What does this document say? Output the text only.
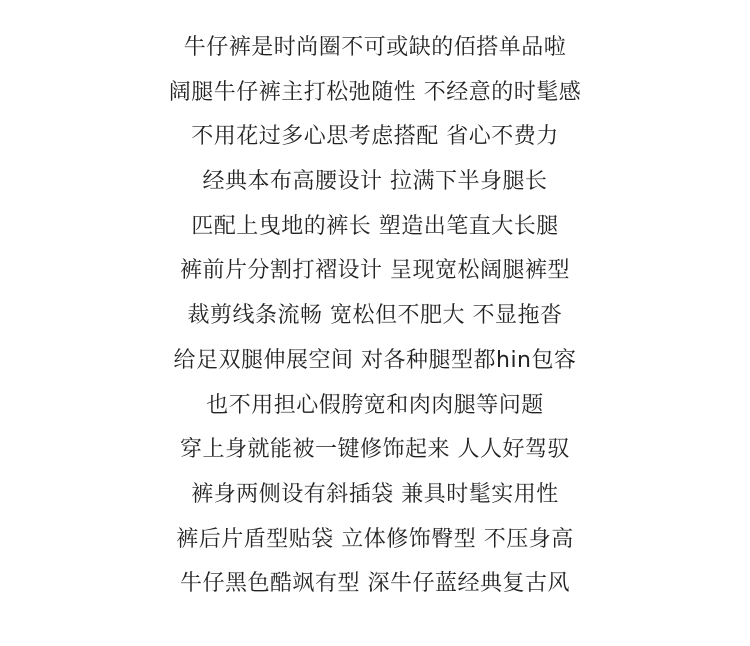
牛仔裤是时尚圈不可或缺的佰搭单品啦
阔腿牛仔裤主打松弛随性 不经意的时髦感
不用花过多心思考虑搭配 省心不费力
经典本布高腰设计 拉满下半身腿长
匹配上曳地的裤长 塑造出笔直大长腿
裤前片分割打褶设计 呈现宽松阔腿裤型
裁剪线条流畅 宽松但不肥大 不显拖沓
给足双腿伸展空间 对各种腿型都hin包容
也不用担心假胯宽和肉肉腿等问题
穿上身就能被一键修饰起来 人人好驾驭
裤身两侧设有斜插袋 兼具时髦实用性
裤后片盾型贴袋 立体修饰臀型 不压身高
牛仔黑色酷飒有型 深牛仔蓝经典复古风
